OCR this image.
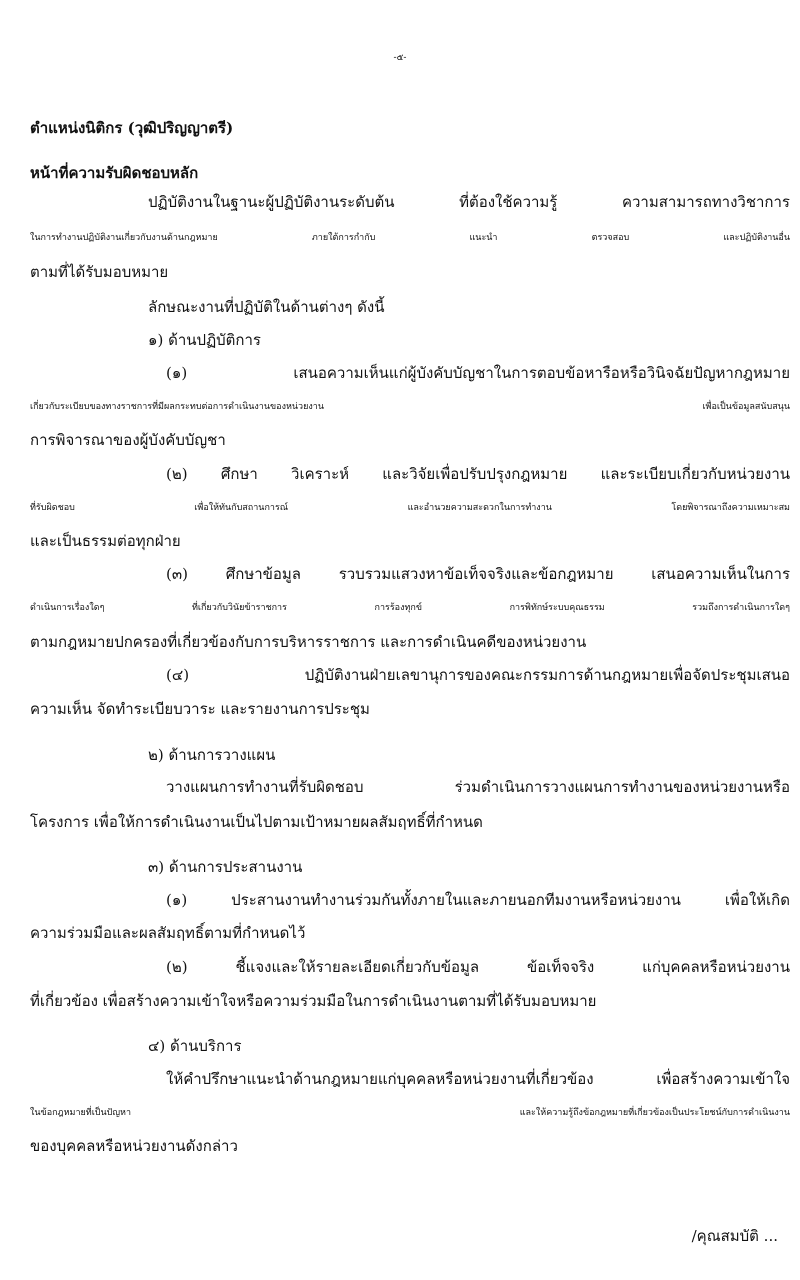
-๕-
ตำแหน่งนิติกร (วุฒิปริญญาตรี)
หน้าที่ความรับผิดชอบหลัก
ปฏิบัติงานในฐานะผู้ปฏิบัติงานระดับต้น ที่ต้องใช้ความรู้ ความสามารถทางวิชาการ
ในการทำงานปฏิบัติงานเกี่ยวกับงานด้านกฎหมาย ภายใต้การกำกับ แนะนำ ตรวจสอบ และปฏิบัติงานอื่น
ตามที่ได้รับมอบหมาย
ลักษณะงานที่ปฏิบัติในด้านต่างๆ ดังนี้
๑) ด้านปฏิบัติการ
(๑) เสนอความเห็นแก่ผู้บังคับบัญชาในการตอบข้อหารือหรือวินิจฉัยปัญหากฎหมาย
เกี่ยวกับระเบียบของทางราชการที่มีผลกระทบต่อการดำเนินงานของหน่วยงาน เพื่อเป็นข้อมูลสนับสนุน
การพิจารณาของผู้บังคับบัญชา
(๒) ศึกษา วิเคราะห์ และวิจัยเพื่อปรับปรุงกฎหมาย และระเบียบเกี่ยวกับหน่วยงาน
ที่รับผิดชอบ เพื่อให้ทันกับสถานการณ์ และอำนวยความสะดวกในการทำงาน โดยพิจารณาถึงความเหมาะสม
และเป็นธรรมต่อทุกฝ่าย
(๓) ศึกษาข้อมูล รวบรวมแสวงหาข้อเท็จจริงและข้อกฎหมาย เสนอความเห็นในการ
ดำเนินการเรื่องใดๆ ที่เกี่ยวกับวินัยข้าราชการ การร้องทุกข์ การพิทักษ์ระบบคุณธรรม รวมถึงการดำเนินการใดๆ
ตามกฎหมายปกครองที่เกี่ยวข้องกับการบริหารราชการ และการดำเนินคดีของหน่วยงาน
(๔) ปฏิบัติงานฝ่ายเลขานุการของคณะกรรมการด้านกฎหมายเพื่อจัดประชุมเสนอ
ความเห็น จัดทำระเบียบวาระ และรายงานการประชุม
๒) ด้านการวางแผน
วางแผนการทำงานที่รับผิดชอบ ร่วมดำเนินการวางแผนการทำงานของหน่วยงานหรือ
โครงการ เพื่อให้การดำเนินงานเป็นไปตามเป้าหมายผลสัมฤทธิ์ที่กำหนด
๓) ด้านการประสานงาน
(๑) ประสานงานทำงานร่วมกันทั้งภายในและภายนอกทีมงานหรือหน่วยงาน เพื่อให้เกิด
ความร่วมมือและผลสัมฤทธิ์ตามที่กำหนดไว้
(๒) ชี้แจงและให้รายละเอียดเกี่ยวกับข้อมูล ข้อเท็จจริง แก่บุคคลหรือหน่วยงาน
ที่เกี่ยวข้อง เพื่อสร้างความเข้าใจหรือความร่วมมือในการดำเนินงานตามที่ได้รับมอบหมาย
๔) ด้านบริการ
ให้คำปรึกษาแนะนำด้านกฎหมายแก่บุคคลหรือหน่วยงานที่เกี่ยวข้อง เพื่อสร้างความเข้าใจ
ในข้อกฎหมายที่เป็นปัญหา และให้ความรู้ถึงข้อกฎหมายที่เกี่ยวข้องเป็นประโยชน์กับการดำเนินงาน
ของบุคคลหรือหน่วยงานดังกล่าว
/คุณสมบัติ ...
